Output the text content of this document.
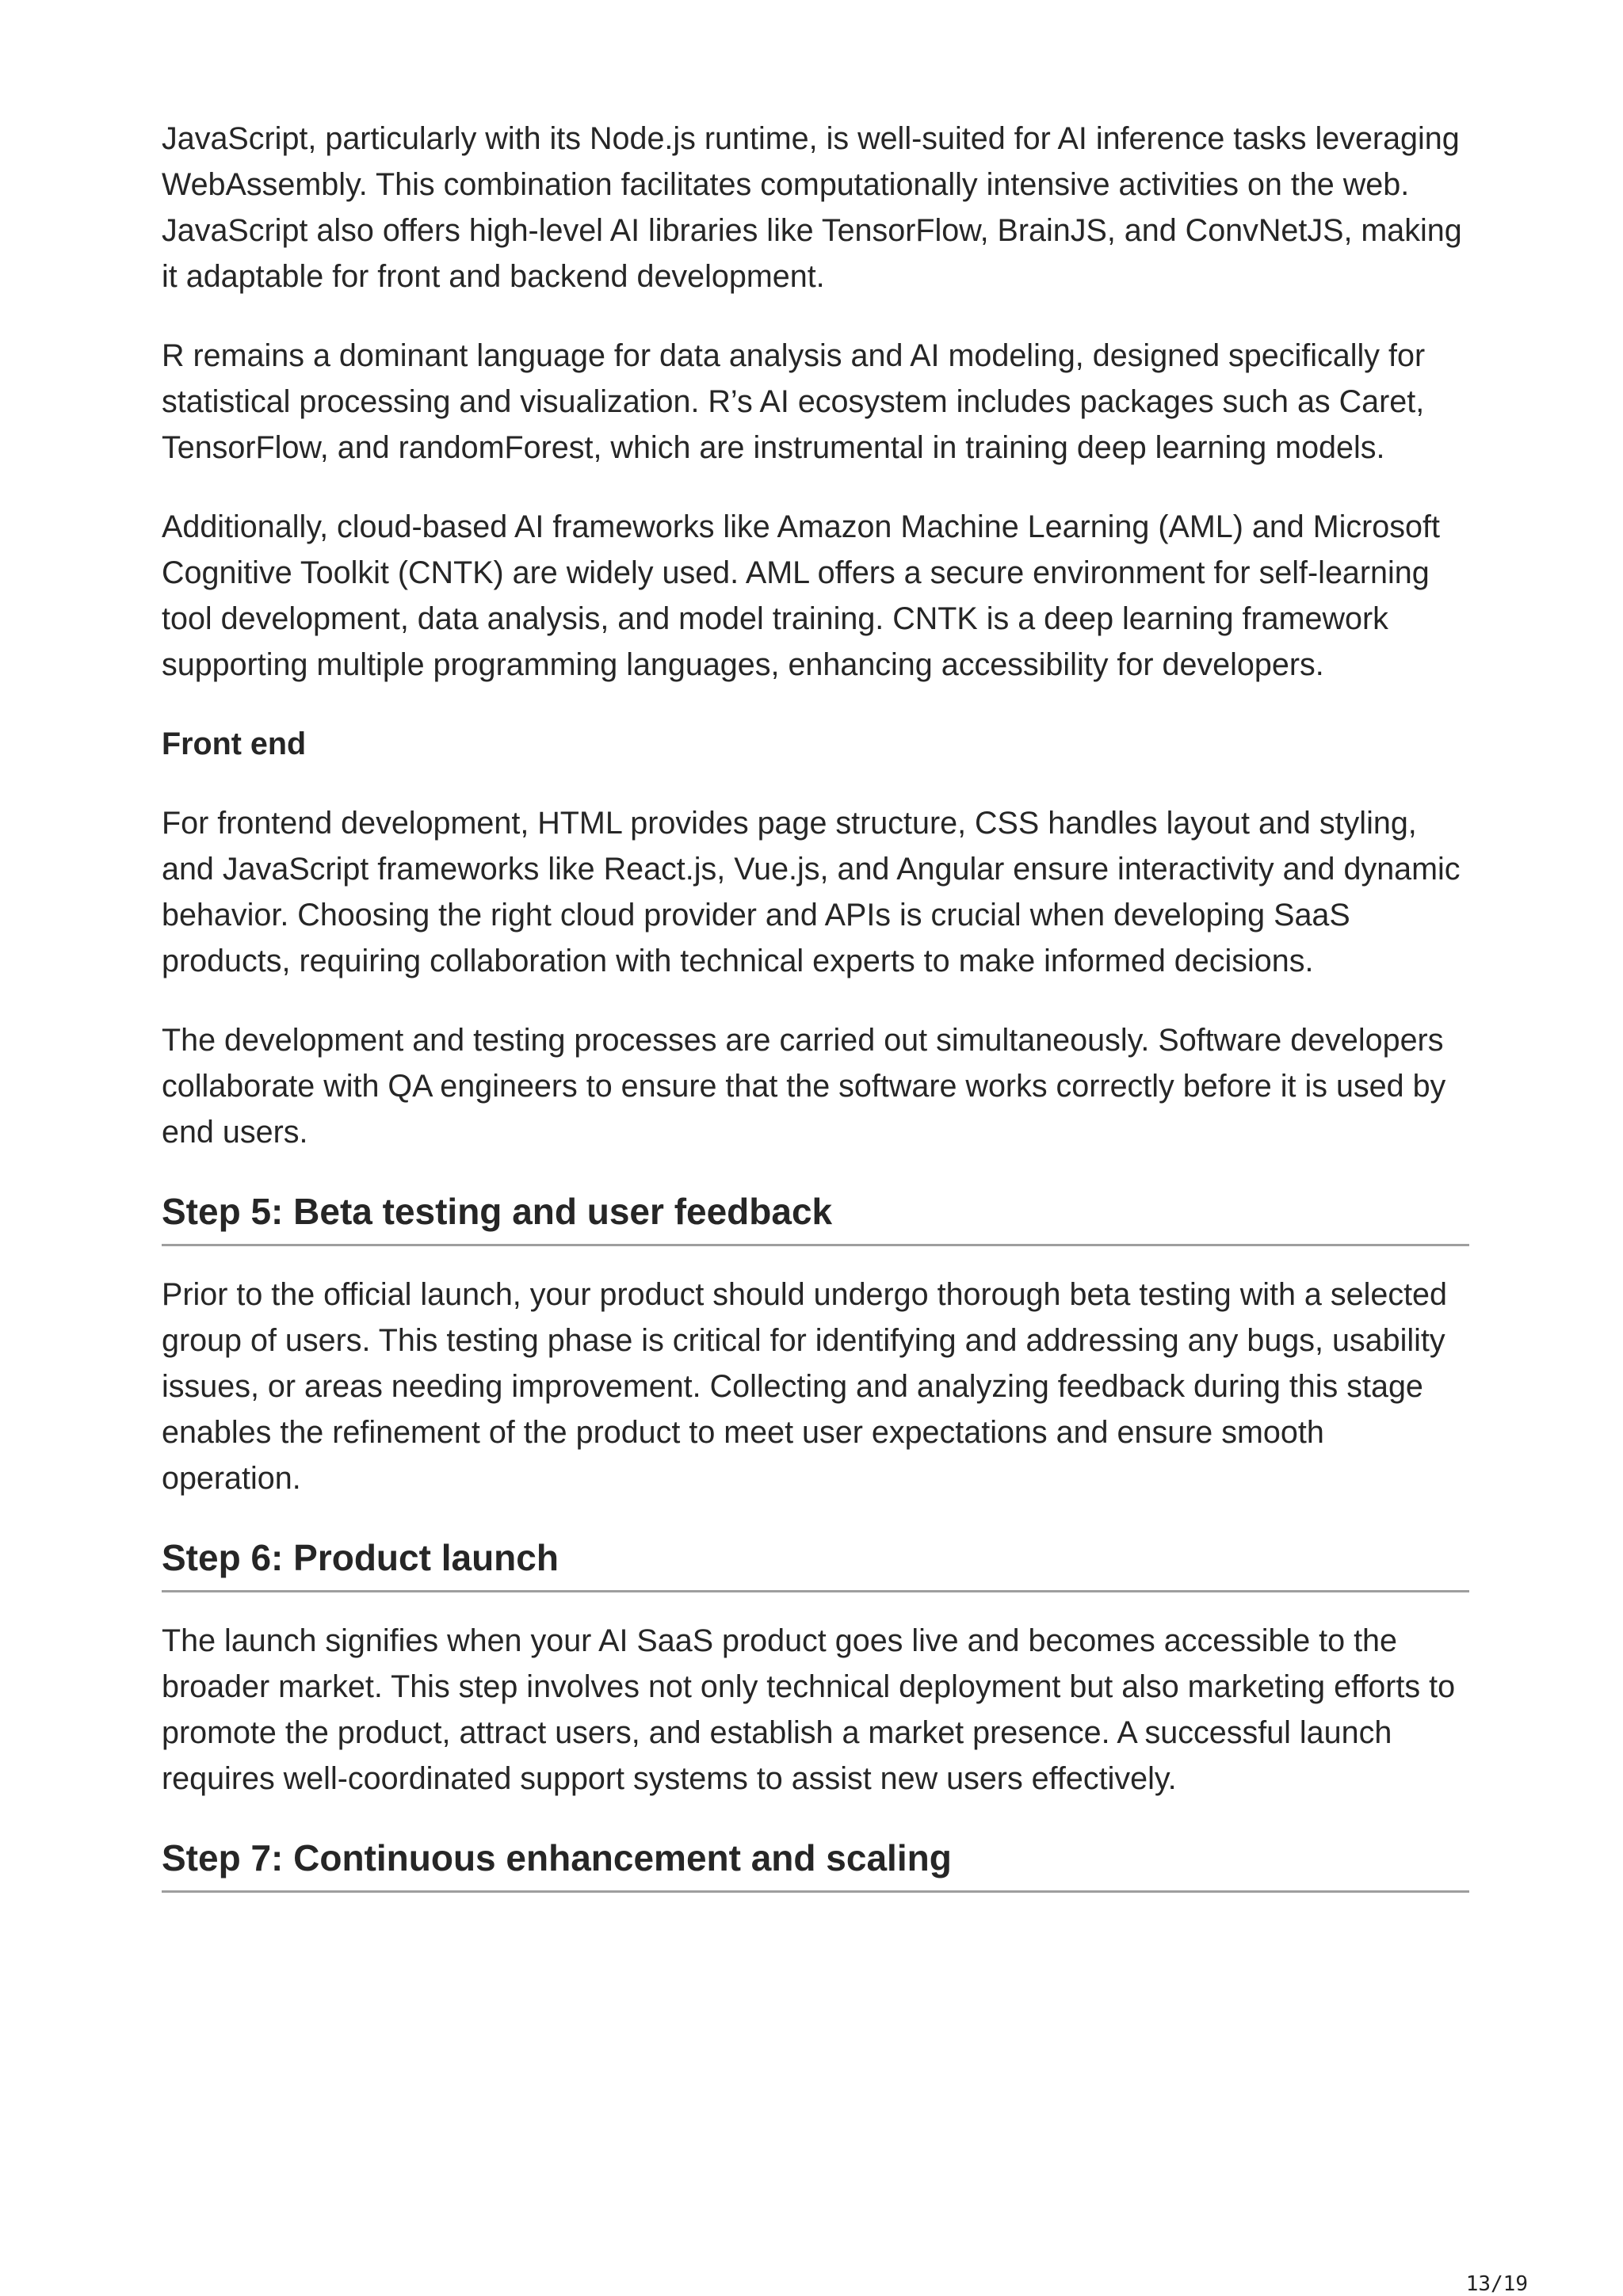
JavaScript, particularly with its Node.js runtime, is well-suited for AI inference tasks leveraging WebAssembly. This combination facilitates computationally intensive activities on the web. JavaScript also offers high-level AI libraries like TensorFlow, BrainJS, and ConvNetJS, making it adaptable for front and backend development.

R remains a dominant language for data analysis and AI modeling, designed specifically for statistical processing and visualization. R’s AI ecosystem includes packages such as Caret, TensorFlow, and randomForest, which are instrumental in training deep learning models.

Additionally, cloud-based AI frameworks like Amazon Machine Learning (AML) and Microsoft Cognitive Toolkit (CNTK) are widely used. AML offers a secure environment for self-learning tool development, data analysis, and model training. CNTK is a deep learning framework supporting multiple programming languages, enhancing accessibility for developers.

Front end

For frontend development, HTML provides page structure, CSS handles layout and styling, and JavaScript frameworks like React.js, Vue.js, and Angular ensure interactivity and dynamic behavior. Choosing the right cloud provider and APIs is crucial when developing SaaS products, requiring collaboration with technical experts to make informed decisions.

The development and testing processes are carried out simultaneously. Software developers collaborate with QA engineers to ensure that the software works correctly before it is used by end users.

Step 5: Beta testing and user feedback

Prior to the official launch, your product should undergo thorough beta testing with a selected group of users. This testing phase is critical for identifying and addressing any bugs, usability issues, or areas needing improvement. Collecting and analyzing feedback during this stage enables the refinement of the product to meet user expectations and ensure smooth operation.

Step 6: Product launch

The launch signifies when your AI SaaS product goes live and becomes accessible to the broader market. This step involves not only technical deployment but also marketing efforts to promote the product, attract users, and establish a market presence. A successful launch requires well-coordinated support systems to assist new users effectively.

Step 7: Continuous enhancement and scaling
13/19
